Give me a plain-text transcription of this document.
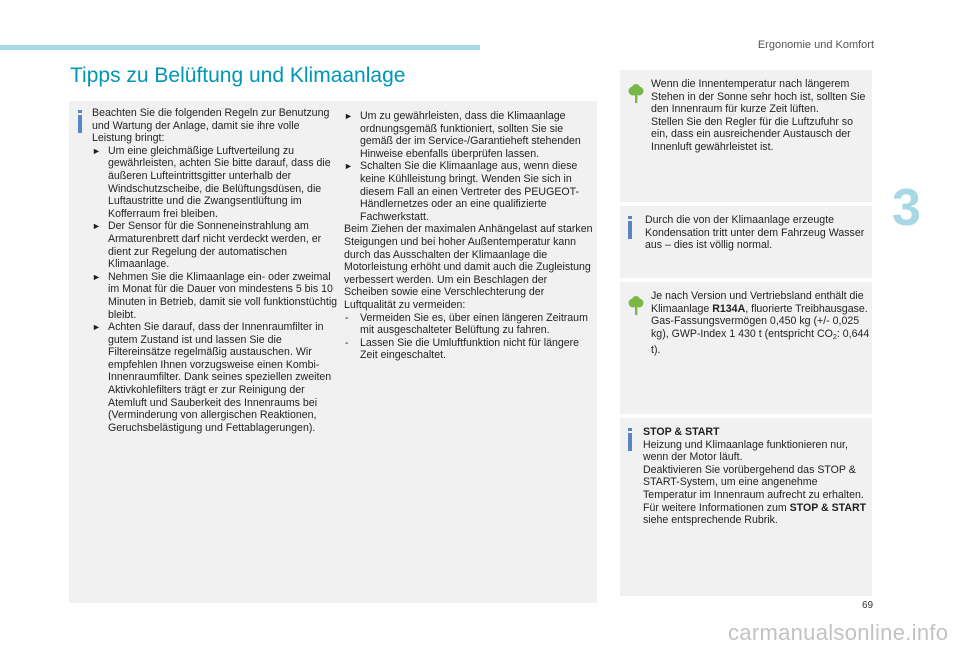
Ergonomie und Komfort
3
69
carmanualsonline.info
Tipps zu Belüftung und Klimaanlage
Beachten Sie die folgenden Regeln zur Benutzung und Wartung der Anlage, damit sie ihre volle Leistung bringt:
► Um eine gleichmäßige Luftverteilung zu gewährleisten, achten Sie bitte darauf, dass die äußeren Lufteintrittsgitter unterhalb der Windschutzscheibe, die Belüftungsdüsen, die Luftaustritte und die Zwangsentlüftung im Kofferraum frei bleiben.
► Der Sensor für die Sonneneinstrahlung am Armaturenbrett darf nicht verdeckt werden, er dient zur Regelung der automatischen Klimaanlage.
► Nehmen Sie die Klimaanlage ein- oder zweimal im Monat für die Dauer von mindestens 5 bis 10 Minuten in Betrieb, damit sie voll funktionstüchtig bleibt.
► Achten Sie darauf, dass der Innenraumfilter in gutem Zustand ist und lassen Sie die Filtereinsätze regelmäßig austauschen. Wir empfehlen Ihnen vorzugsweise einen Kombi-Innenraumfilter. Dank seines speziellen zweiten Aktivkohlefilters trägt er zur Reinigung der Atemluft und Sauberkeit des Innenraums bei (Verminderung von allergischen Reaktionen, Geruchsbelästigung und Fettablagerungen).
► Um zu gewährleisten, dass die Klimaanlage ordnungsgemäß funktioniert, sollten Sie sie gemäß der im Service-/Garantieheft stehenden Hinweise ebenfalls überprüfen lassen.
► Schalten Sie die Klimaanlage aus, wenn diese keine Kühlleistung bringt. Wenden Sie sich in diesem Fall an einen Vertreter des PEUGEOT-Händlernetzes oder an eine qualifizierte Fachwerkstatt.
Beim Ziehen der maximalen Anhängelast auf starken Steigungen und bei hoher Außentemperatur kann durch das Ausschalten der Klimaanlage die Motorleistung erhöht und damit auch die Zugleistung verbessert werden. Um ein Beschlagen der Scheiben sowie eine Verschlechterung der Luftqualität zu vermeiden:
- Vermeiden Sie es, über einen längeren Zeitraum mit ausgeschalteter Belüftung zu fahren.
- Lassen Sie die Umluftfunktion nicht für längere Zeit eingeschaltet.
Wenn die Innentemperatur nach längerem Stehen in der Sonne sehr hoch ist, sollten Sie den Innenraum für kurze Zeit lüften.
Stellen Sie den Regler für die Luftzufuhr so ein, dass ein ausreichender Austausch der Innenluft gewährleistet ist.
Durch die von der Klimaanlage erzeugte Kondensation tritt unter dem Fahrzeug Wasser aus – dies ist völlig normal.
Je nach Version und Vertriebsland enthält die Klimaanlage R134A, fluorierte Treibhausgase.
Gas-Fassungsvermögen 0,450 kg (+/- 0,025 kg), GWP-Index 1 430 t (entspricht $CO_2$: 0,644 t).
STOP & START
Heizung und Klimaanlage funktionieren nur, wenn der Motor läuft.
Deaktivieren Sie vorübergehend das STOP & START-System, um eine angenehme Temperatur im Innenraum aufrecht zu erhalten.
Für weitere Informationen zum STOP & START siehe entsprechende Rubrik.
